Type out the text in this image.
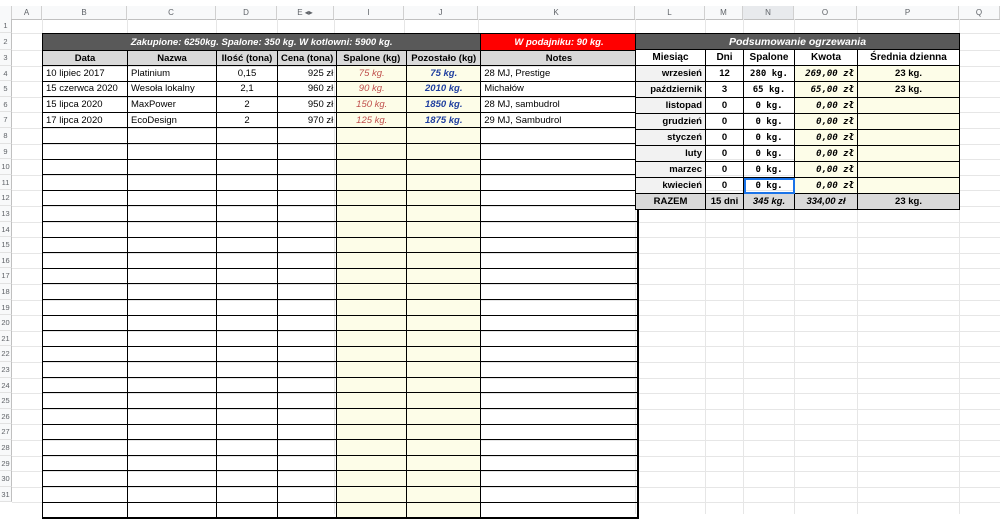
A	B	C	D	E ◂▸	I	J	K	L	M	N	O	P	Q
1
2
3
4
5
6
7
8
9
10
11
12
13
14
15
16
17
18
19
20
21
22
23
24
25
26
27
28
29
30
31
Zakupione: 6250kg. Spalone: 350 kg. W kotlowni: 5900 kg.						W podajniku: 90 kg.
Data	Nazwa	Ilość (tona)	Cena (tona)	Spalone (kg)	Pozostało (kg)	Notes
10 lipiec 2017	Platinium	0,15	925 zł	75 kg.	75 kg.	28 MJ, Prestige
15 czerwca 2020	Wesoła lokalny	2,1	960 zł	90 kg.	2010 kg.	Michałów
15 lipca 2020	MaxPower	2	950 zł	150 kg.	1850 kg.	28 MJ, sambudrol
17 lipca 2020	EcoDesign	2	970 zł	125 kg.	1875 kg.	29 MJ, Sambudrol

Podsumowanie ogrzewania				
Miesiąc	Dni	Spalone	Kwota	Średnia dzienna
wrzesień	12	280 kg.	269,00 zł	23 kg.
październik	3	65 kg.	65,00 zł	23 kg.
listopad	0	0 kg.	0,00 zł	
grudzień	0	0 kg.	0,00 zł	
styczeń	0	0 kg.	0,00 zł	
luty	0	0 kg.	0,00 zł	
marzec	0	0 kg.	0,00 zł	
kwiecień	0	0 kg.	0,00 zł	
RAZEM	15 dni	345 kg.	334,00 zł	23 kg.
